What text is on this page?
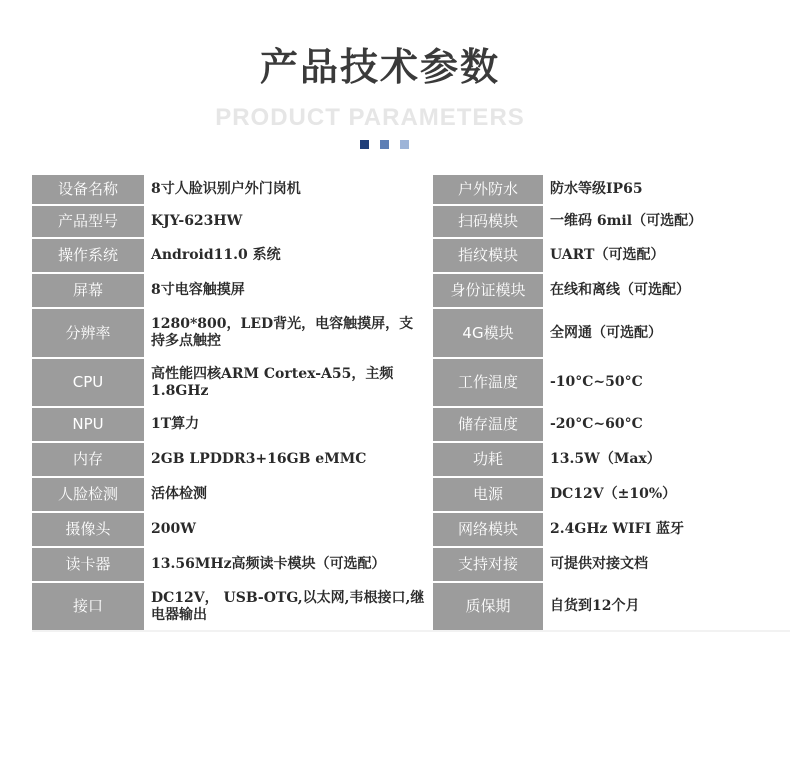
产品技术参数
PRODUCT PARAMETERS
设备名称	8寸人脸识别户外门岗机		户外防水	防水等级IP65
产品型号	KJY-623HW		扫码模块	一维码 6mil（可选配）
操作系统	Android11.0 系统		指纹模块	UART（可选配）
屏幕	8寸电容触摸屏		身份证模块	在线和离线（可选配）
分辨率	1280*800，LED背光，电容触摸屏，支持多点触控		4G模块	全网通（可选配）
CPU	高性能四核ARM Cortex-A55，主频1.8GHz		工作温度	-10°C~50°C
NPU	1T算力		储存温度	-20°C~60°C
内存	2GB LPDDR3+16GB eMMC		功耗	13.5W（Max）
人脸检测	活体检测		电源	DC12V（±10%）
摄像头	200W		网络模块	2.4GHz WIFI 蓝牙
读卡器	13.56MHz高频读卡模块（可选配）		支持对接	可提供对接文档
接口	DC12V， USB-OTG,以太网,韦根接口,继电器输出		质保期	自货到12个月
